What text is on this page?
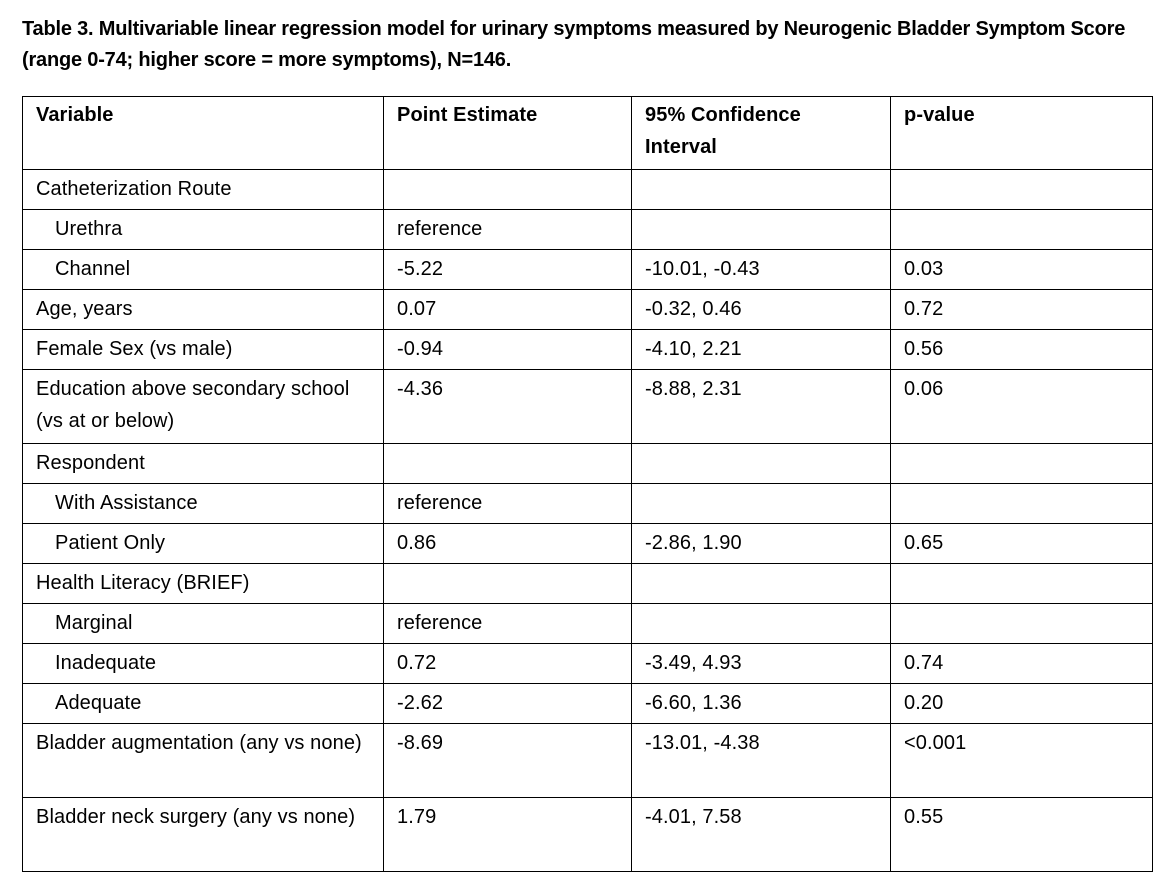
Table 3. Multivariable linear regression model for urinary symptoms measured by Neurogenic Bladder Symptom Score (range 0-74; higher score = more symptoms), N=146.
Variable	Point Estimate	95% Confidence Interval	p-value
Catheterization Route			
Urethra	reference		
Channel	-5.22	-10.01, -0.43	0.03
Age, years	0.07	-0.32, 0.46	0.72
Female Sex (vs male)	-0.94	-4.10, 2.21	0.56
Education above secondary school (vs at or below)	-4.36	-8.88, 2.31	0.06
Respondent			
With Assistance	reference		
Patient Only	0.86	-2.86, 1.90	0.65
Health Literacy (BRIEF)			
Marginal	reference		
Inadequate	0.72	-3.49, 4.93	0.74
Adequate	-2.62	-6.60, 1.36	0.20
Bladder augmentation (any vs none)	-8.69	-13.01, -4.38	<0.001
Bladder neck surgery (any vs none)	1.79	-4.01, 7.58	0.55
